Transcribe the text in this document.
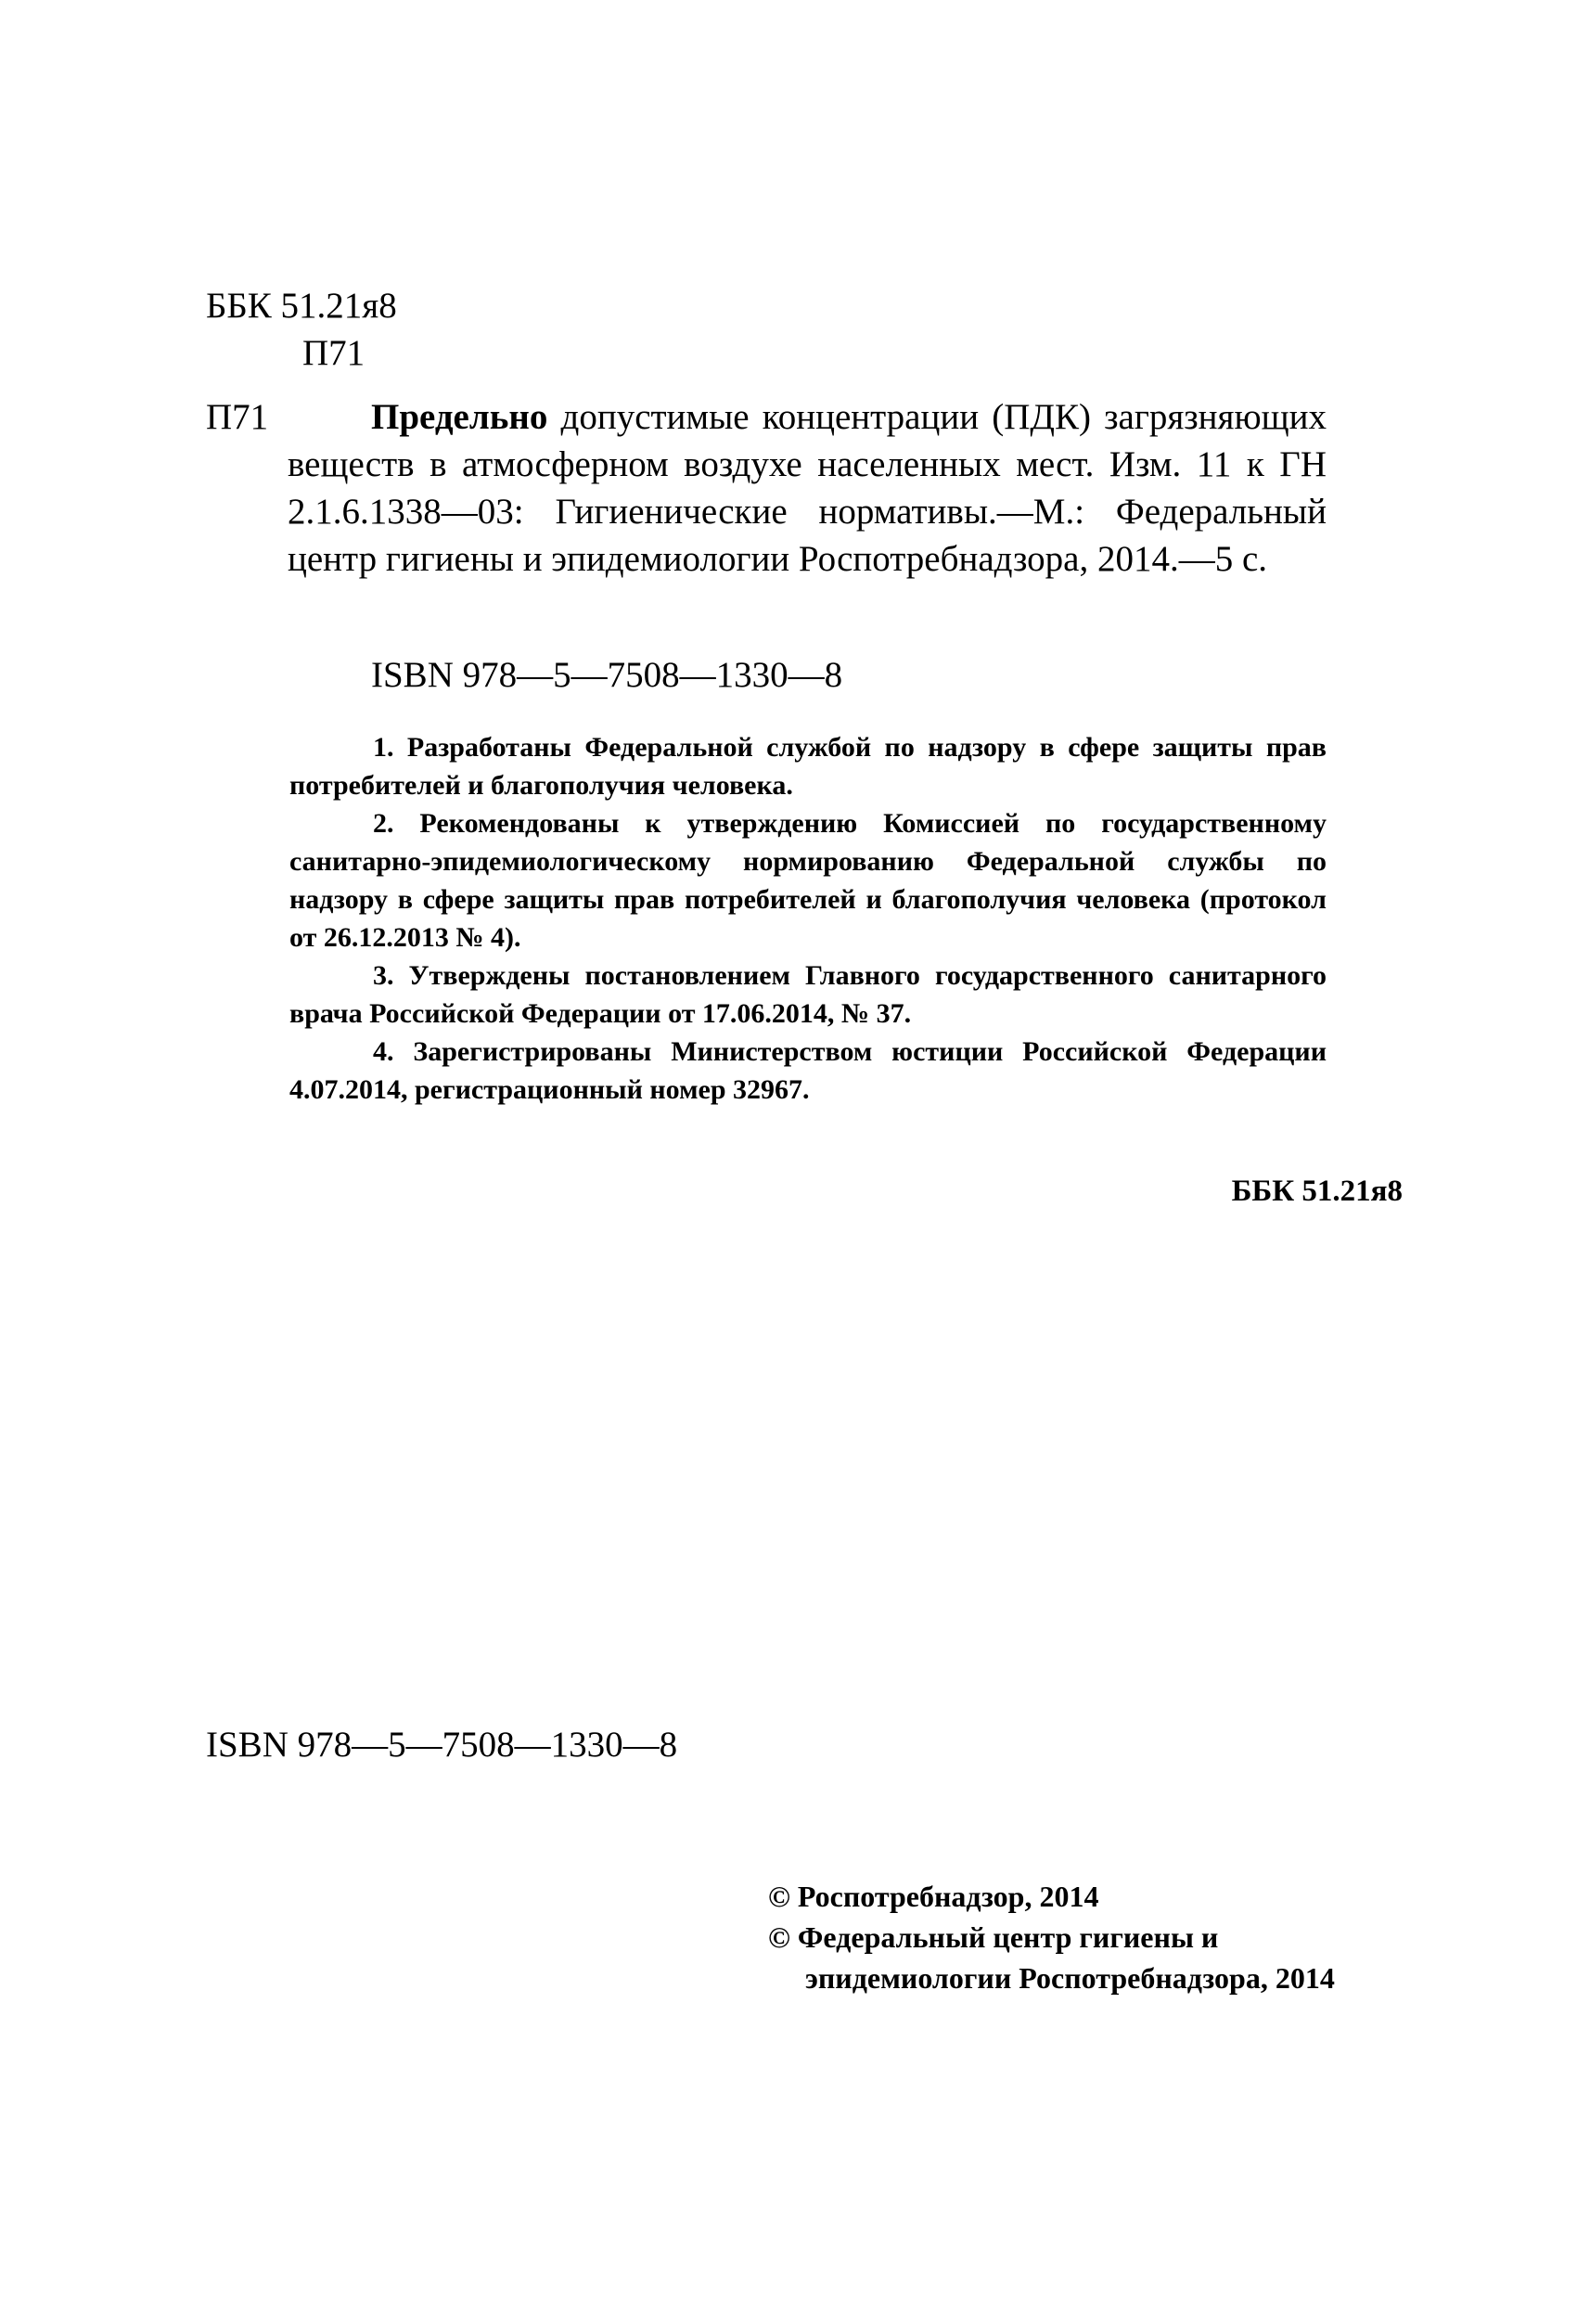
ББК 51.21я8
П71
П71	Предельно допустимые концентрации (ПДК) загрязняющих веществ в атмосферном воздухе населенных мест. Изм. 11 к ГН 2.1.6.1338—03: Гигиенические нормативы.—М.: Федеральный центр гигиены и эпидемиологии Роспотребнадзора, 2014.—5 с.
ISBN 978—5—7508—1330—8

1. Разработаны Федеральной службой по надзору в сфере защиты прав потребителей и благополучия человека.

2. Рекомендованы к утверждению Комиссией по государственному санитарно-эпидемиологическому нормированию Федеральной службы по надзору в сфере защиты прав потребителей и благополучия человека (протокол от 26.12.2013 № 4).

3. Утверждены постановлением Главного государственного санитарного врача Российской Федерации от 17.06.2014, № 37.

4. Зарегистрированы Министерством юстиции Российской Федерации 4.07.2014, регистрационный номер 32967.

ББК 51.21я8
ISBN 978—5—7508—1330—8
© Роспотребнадзор, 2014
© Федеральный центр гигиены и
эпидемиологии Роспотребнадзора, 2014
